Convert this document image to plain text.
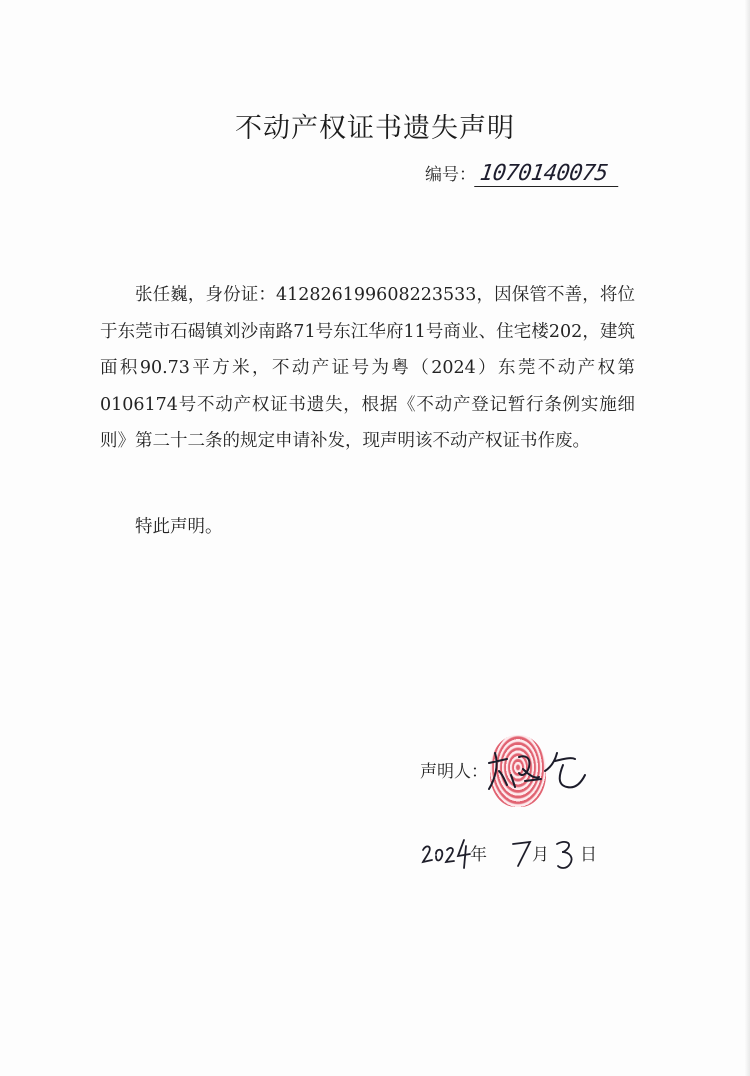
不动产权证书遗失声明
编号： 1070140075

张任巍，身份证：412826199608223533，因保管不善，将位于东莞市石碣镇刘沙南路71号东江华府11号商业、住宅楼202，建筑面积90.73平方米，不动产证号为粤（2024）东莞不动产权第0106174号不动产权证书遗失，根据《不动产登记暂行条例实施细则》第二十二条的规定申请补发，现声明该不动产权证书作废。

特此声明。
声明人：
年	月 日
